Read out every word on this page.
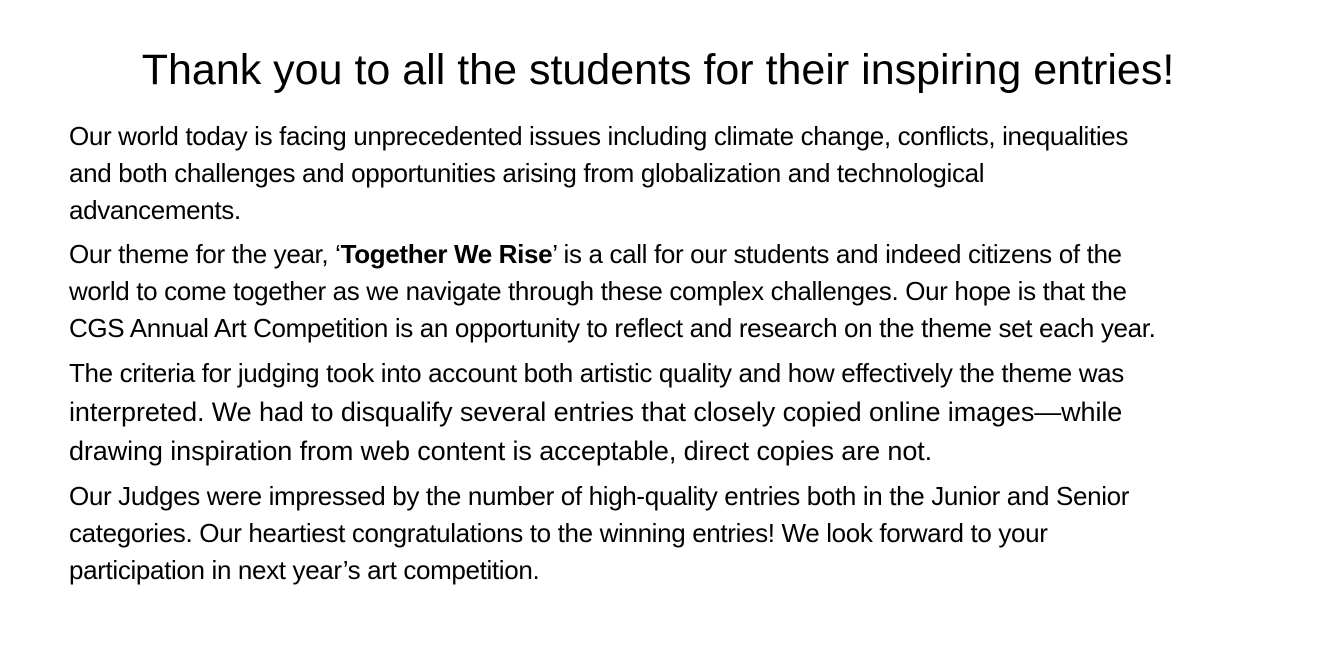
Thank you to all the students for their inspiring entries!

Our world today is facing unprecedented issues including climate change, conflicts, inequalities
and both challenges and opportunities arising from globalization and technological
advancements.

Our theme for the year, ‘Together We Rise’ is a call for our students and indeed citizens of the
world to come together as we navigate through these complex challenges. Our hope is that the
CGS Annual Art Competition is an opportunity to reflect and research on the theme set each year.

The criteria for judging took into account both artistic quality and how effectively the theme was
interpreted. We had to disqualify several entries that closely copied online images—while
drawing inspiration from web content is acceptable, direct copies are not.

Our Judges were impressed by the number of high-quality entries both in the Junior and Senior
categories. Our heartiest congratulations to the winning entries! We look forward to your
participation in next year’s art competition.
